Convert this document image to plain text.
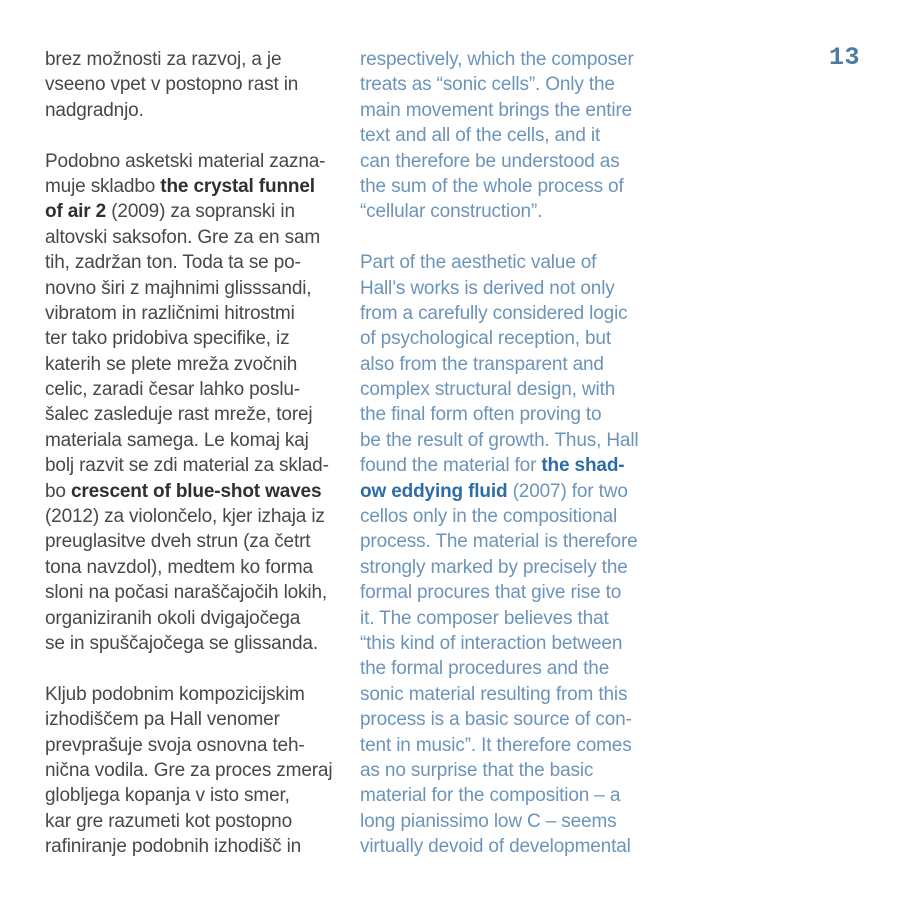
13
brez možnosti za razvoj, a je
vseeno vpet v postopno rast in
nadgradnjo.
Podobno asketski material zazna-
muje skladbo the crystal funnel
of air 2 (2009) za sopranski in
altovski saksofon. Gre za en sam
tih, zadržan ton. Toda ta se po-
novno širi z majhnimi glisssandi,
vibratom in različnimi hitrostmi
ter tako pridobiva specifike, iz
katerih se plete mreža zvočnih
celic, zaradi česar lahko poslu-
šalec zasleduje rast mreže, torej
materiala samega. Le komaj kaj
bolj razvit se zdi material za sklad-
bo crescent of blue-shot waves
(2012) za violončelo, kjer izhaja iz
preuglasitve dveh strun (za četrt
tona navzdol), medtem ko forma
sloni na počasi naraščajočih lokih,
organiziranih okoli dvigajočega
se in spuščajočega se glissanda.
Kljub podobnim kompozicijskim
izhodiščem pa Hall venomer
prevprašuje svoja osnovna teh-
nična vodila. Gre za proces zmeraj
globljega kopanja v isto smer,
kar gre razumeti kot postopno
rafiniranje podobnih izhodišč in
respectively, which the composer
treats as “sonic cells”. Only the
main movement brings the entire
text and all of the cells, and it
can therefore be understood as
the sum of the whole process of
“cellular construction”.
Part of the aesthetic value of
Hall’s works is derived not only
from a carefully considered logic
of psychological reception, but
also from the transparent and
complex structural design, with
the final form often proving to
be the result of growth. Thus, Hall
found the material for the shad-
ow eddying fluid (2007) for two
cellos only in the compositional
process. The material is therefore
strongly marked by precisely the
formal procures that give rise to
it. The composer believes that
“this kind of interaction between
the formal procedures and the
sonic material resulting from this
process is a basic source of con-
tent in music”. It therefore comes
as no surprise that the basic
material for the composition – a
long pianissimo low C – seems
virtually devoid of developmental
